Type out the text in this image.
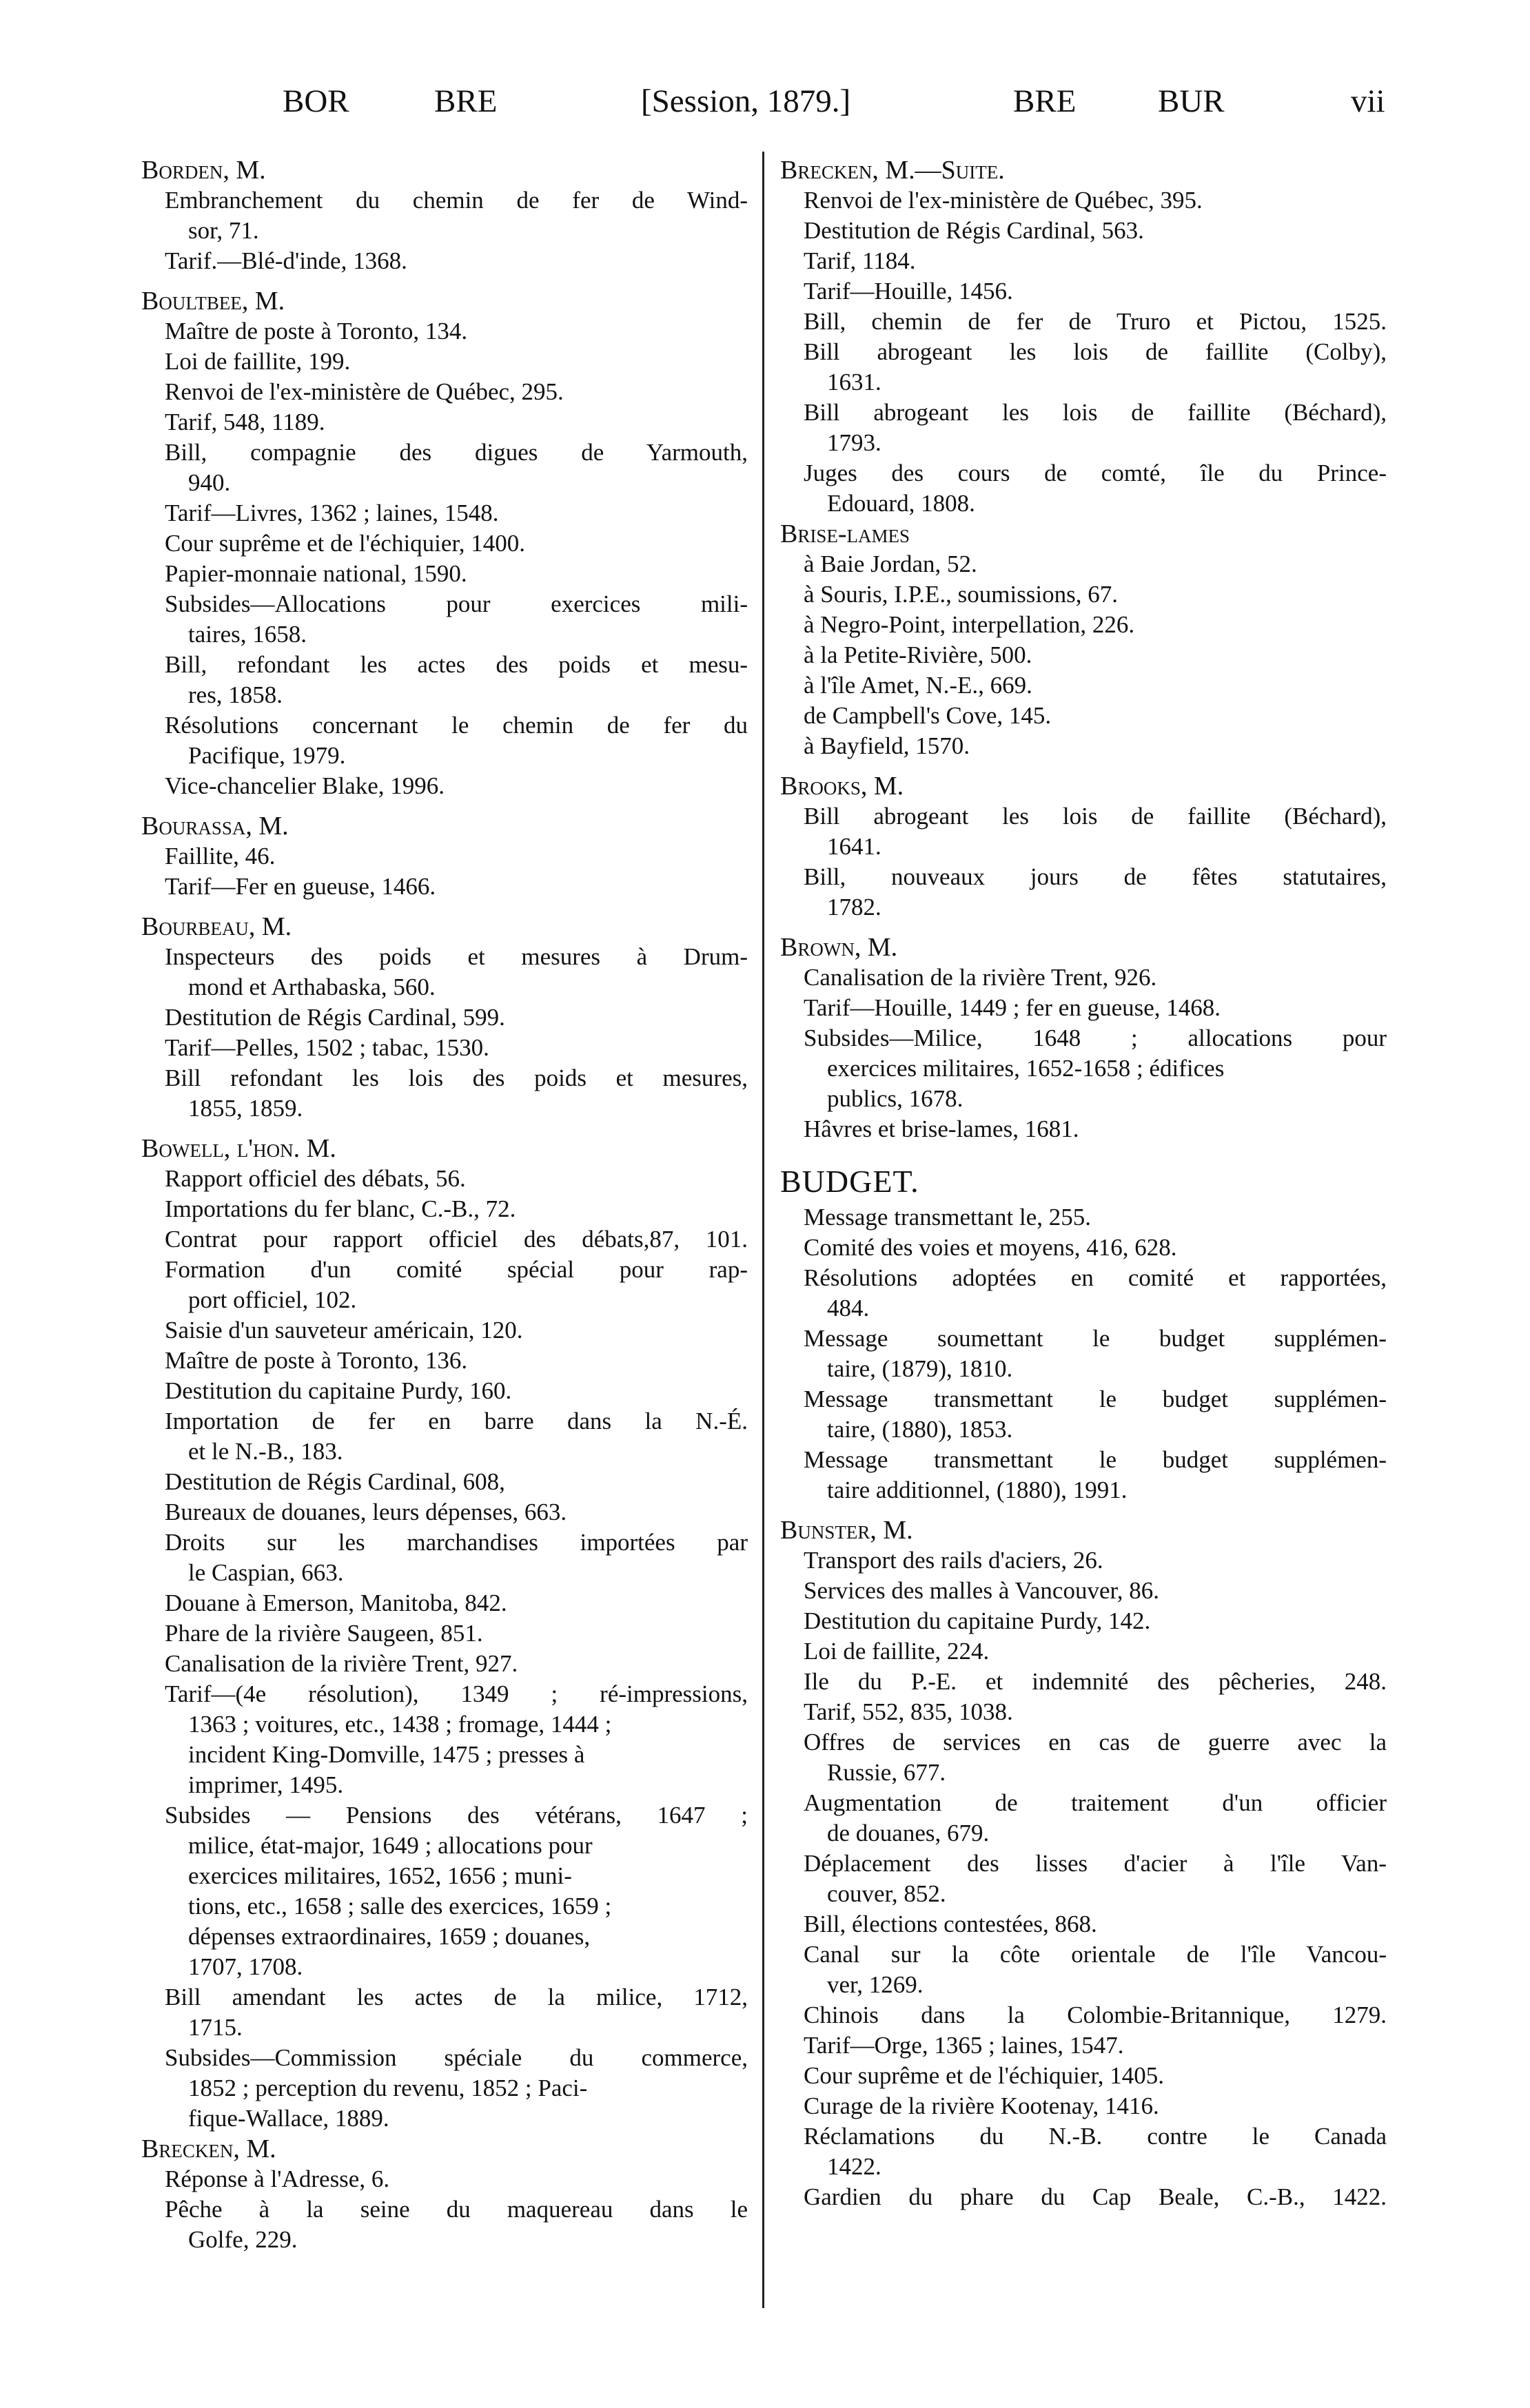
BOR	BRE	[Session, 1879.]	BRE	BUR	vii
Borden, M.
Embranchement du chemin de fer de Wind-
sor, 71.
Tarif.—Blé-d'inde, 1368.
Boultbee, M.
Maître de poste à Toronto, 134.
Loi de faillite, 199.
Renvoi de l'ex-ministère de Québec, 295.
Tarif, 548, 1189.
Bill, compagnie des digues de Yarmouth,
940.
Tarif—Livres, 1362 ; laines, 1548.
Cour suprême et de l'échiquier, 1400.
Papier-monnaie national, 1590.
Subsides—Allocations pour exercices mili-
taires, 1658.
Bill, refondant les actes des poids et mesu-
res, 1858.
Résolutions concernant le chemin de fer du
Pacifique, 1979.
Vice-chancelier Blake, 1996.
Bourassa, M.
Faillite, 46.
Tarif—Fer en gueuse, 1466.
Bourbeau, M.
Inspecteurs des poids et mesures à Drum-
mond et Arthabaska, 560.
Destitution de Régis Cardinal, 599.
Tarif—Pelles, 1502 ; tabac, 1530.
Bill refondant les lois des poids et mesures,
1855, 1859.
Bowell, l'hon. M.
Rapport officiel des débats, 56.
Importations du fer blanc, C.-B., 72.
Contrat pour rapport officiel des débats,87, 101.
Formation d'un comité spécial pour rap-
port officiel, 102.
Saisie d'un sauveteur américain, 120.
Maître de poste à Toronto, 136.
Destitution du capitaine Purdy, 160.
Importation de fer en barre dans la N.-É.
et le N.-B., 183.
Destitution de Régis Cardinal, 608,
Bureaux de douanes, leurs dépenses, 663.
Droits sur les marchandises importées par
le Caspian, 663.
Douane à Emerson, Manitoba, 842.
Phare de la rivière Saugeen, 851.
Canalisation de la rivière Trent, 927.
Tarif—(4e résolution), 1349 ; ré-impressions,
1363 ; voitures, etc., 1438 ; fromage, 1444 ;
incident King-Domville, 1475 ; presses à
imprimer, 1495.
Subsides — Pensions des vétérans, 1647 ;
milice, état-major, 1649 ; allocations pour
exercices militaires, 1652, 1656 ; muni-
tions, etc., 1658 ; salle des exercices, 1659 ;
dépenses extraordinaires, 1659 ; douanes,
1707, 1708.
Bill amendant les actes de la milice, 1712,
1715.
Subsides—Commission spéciale du commerce,
1852 ; perception du revenu, 1852 ; Paci-
fique-Wallace, 1889.
Brecken, M.
Réponse à l'Adresse, 6.
Pêche à la seine du maquereau dans le
Golfe, 229.
Brecken, M.—Suite.
Renvoi de l'ex-ministère de Québec, 395.
Destitution de Régis Cardinal, 563.
Tarif, 1184.
Tarif—Houille, 1456.
Bill, chemin de fer de Truro et Pictou, 1525.
Bill abrogeant les lois de faillite (Colby),
1631.
Bill abrogeant les lois de faillite (Béchard),
1793.
Juges des cours de comté, île du Prince-
Edouard, 1808.
Brise-lames
à Baie Jordan, 52.
à Souris, I.P.E., soumissions, 67.
à Negro-Point, interpellation, 226.
à la Petite-Rivière, 500.
à l'île Amet, N.-E., 669.
de Campbell's Cove, 145.
à Bayfield, 1570.
Brooks, M.
Bill abrogeant les lois de faillite (Béchard),
1641.
Bill, nouveaux jours de fêtes statutaires,
1782.
Brown, M.
Canalisation de la rivière Trent, 926.
Tarif—Houille, 1449 ; fer en gueuse, 1468.
Subsides—Milice, 1648 ; allocations pour
exercices militaires, 1652-1658 ; édifices
publics, 1678.
Hâvres et brise-lames, 1681.
BUDGET.
Message transmettant le, 255.
Comité des voies et moyens, 416, 628.
Résolutions adoptées en comité et rapportées,
484.
Message soumettant le budget supplémen-
taire, (1879), 1810.
Message transmettant le budget supplémen-
taire, (1880), 1853.
Message transmettant le budget supplémen-
taire additionnel, (1880), 1991.
Bunster, M.
Transport des rails d'aciers, 26.
Services des malles à Vancouver, 86.
Destitution du capitaine Purdy, 142.
Loi de faillite, 224.
Ile du P.-E. et indemnité des pêcheries, 248.
Tarif, 552, 835, 1038.
Offres de services en cas de guerre avec la
Russie, 677.
Augmentation de traitement d'un officier
de douanes, 679.
Déplacement des lisses d'acier à l'île Van-
couver, 852.
Bill, élections contestées, 868.
Canal sur la côte orientale de l'île Vancou-
ver, 1269.
Chinois dans la Colombie-Britannique, 1279.
Tarif—Orge, 1365 ; laines, 1547.
Cour suprême et de l'échiquier, 1405.
Curage de la rivière Kootenay, 1416.
Réclamations du N.-B. contre le Canada
1422.
Gardien du phare du Cap Beale, C.-B., 1422.
